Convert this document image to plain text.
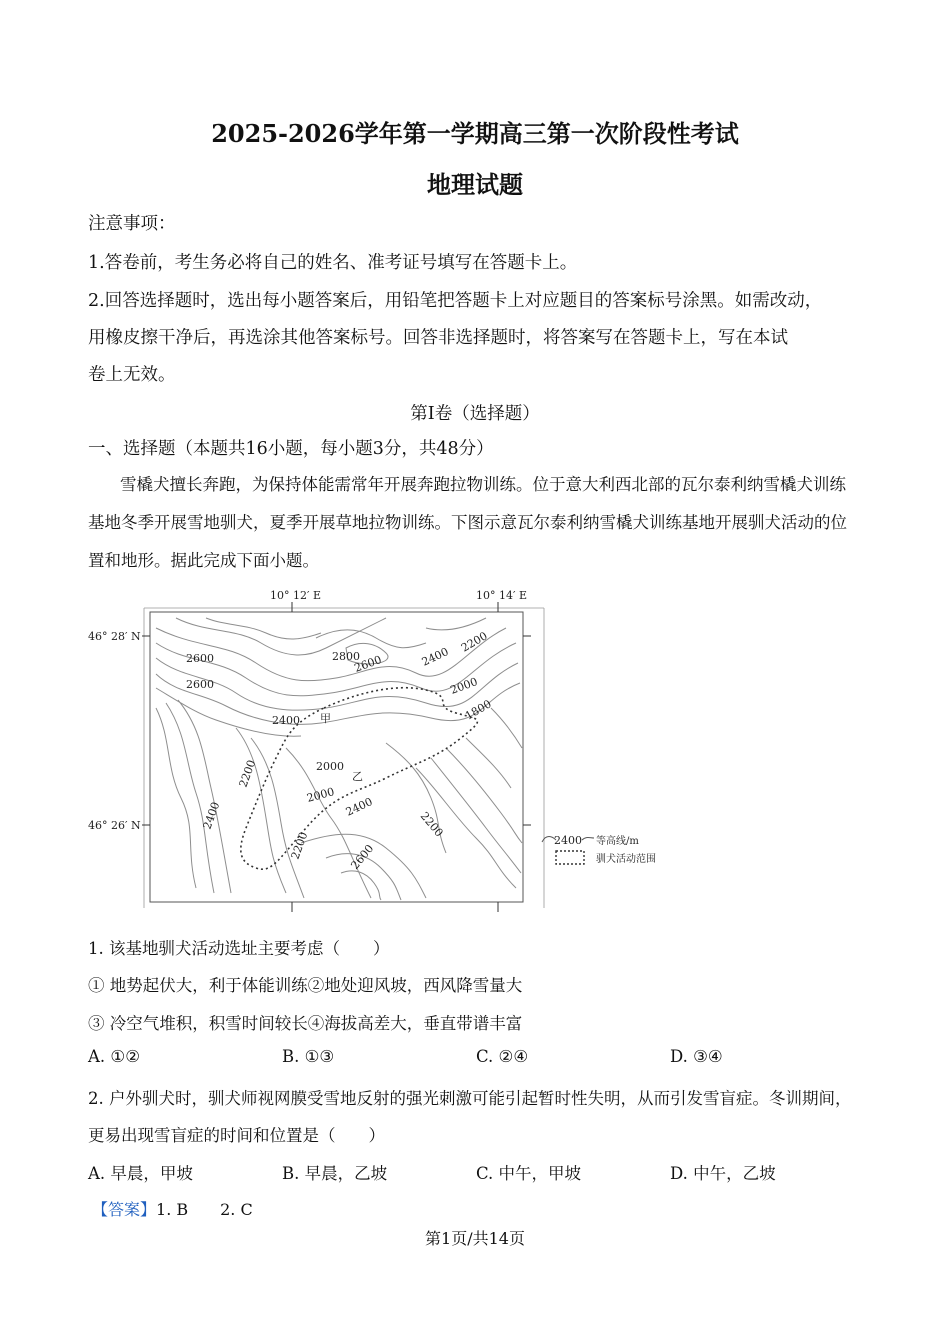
2025-2026学年第一学期高三第一次阶段性考试
地理试题
注意事项：
1.答卷前，考生务必将自己的姓名、准考证号填写在答题卡上。
2.回答选择题时，选出每小题答案后，用铅笔把答题卡上对应题目的答案标号涂黑。如需改动，
用橡皮擦干净后，再选涂其他答案标号。回答非选择题时，将答案写在答题卡上，写在本试
卷上无效。
第Ⅰ卷（选择题）
一、选择题（本题共16小题，每小题3分，共48分）
雪橇犬擅长奔跑，为保持体能需常年开展奔跑拉物训练。位于意大利西北部的瓦尔泰利纳雪橇犬训练
基地冬季开展雪地驯犬，夏季开展草地拉物训练。下图示意瓦尔泰利纳雪橇犬训练基地开展驯犬活动的位
置和地形。据此完成下面小题。
10° 12′ E	10° 14′ E
46° 28′ N
46° 26′ N
2600
2600
2800
2600	2400
2200
2000
1800
2400
2200	2000
2000
2200
2400
2400
2200	2600
甲
乙
2400 等高线/m
驯犬活动范围
1. 该基地驯犬活动选址主要考虑（　　）
① 地势起伏大，利于体能训练②地处迎风坡，西风降雪量大
③ 冷空气堆积，积雪时间较长④海拔高差大，垂直带谱丰富
A. ①②	B. ①③	C. ②④	D. ③④
2. 户外驯犬时，驯犬师视网膜受雪地反射的强光刺激可能引起暂时性失明，从而引发雪盲症。冬训期间，
更易出现雪盲症的时间和位置是（　　）
A. 早晨，甲坡	B. 早晨，乙坡	C. 中午，甲坡	D. 中午，乙坡
【答案】1. B　　2. C
第1页/共14页
